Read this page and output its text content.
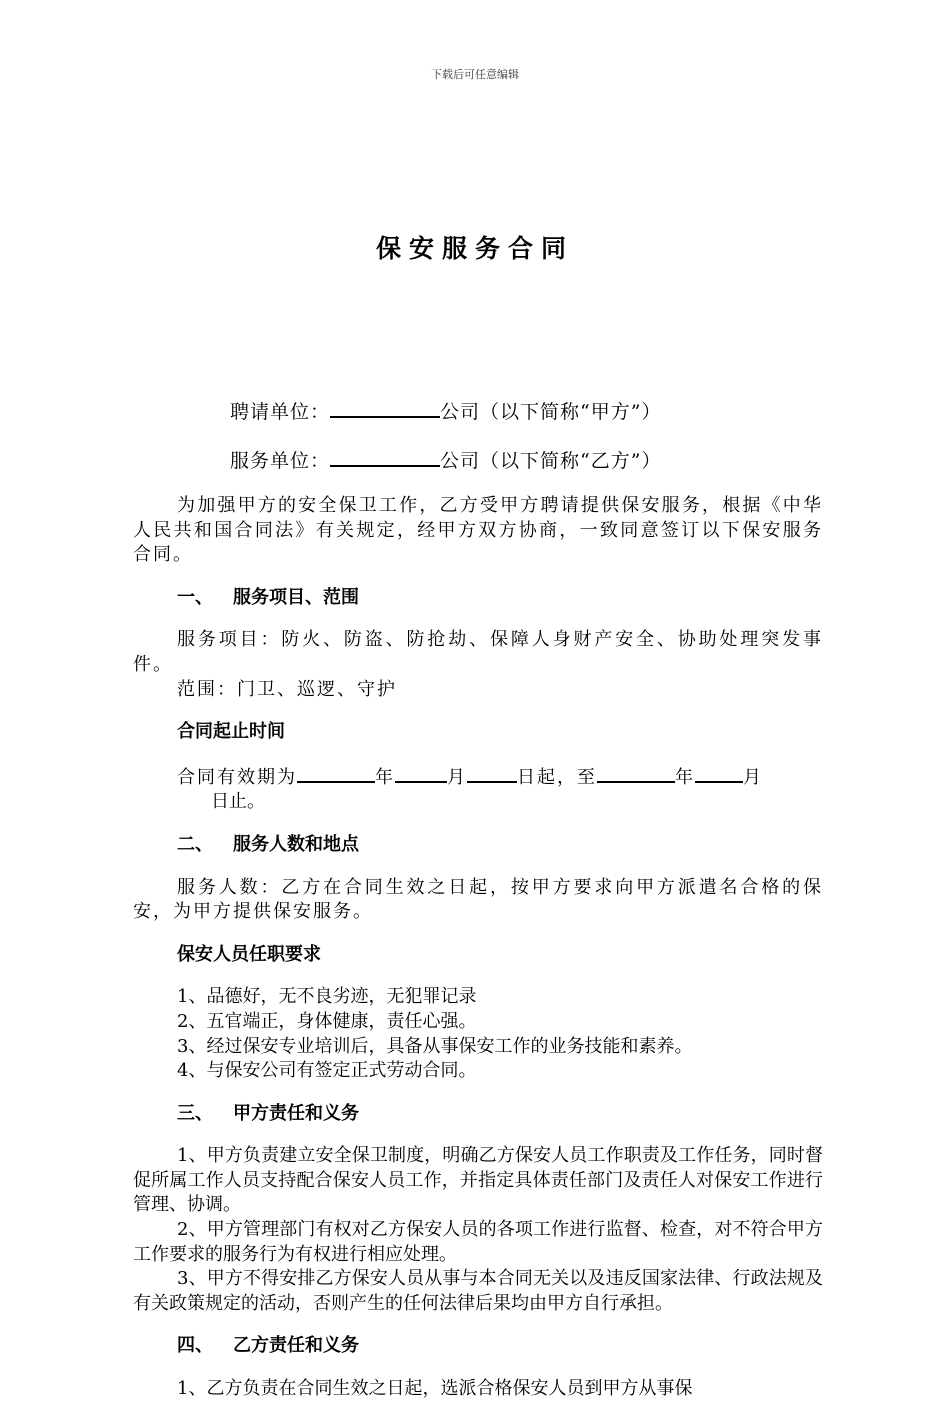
下载后可任意编辑
保安服务合同
聘请单位：	公司（以下简称“甲方”）
服务单位：	公司（以下简称“乙方”）

为加强甲方的安全保卫工作，乙方受甲方聘请提供保安服务，根据《中华人民共和国合同法》有关规定，经甲方双方协商，一致同意签订以下保安服务合同。

一、 服务项目、范围

服务项目：防火、防盗、防抢劫、保障人身财产安全、协助处理突发事件。

范围：门卫、巡逻、守护

合同起止时间

合同有效期为	年	月	日起，至	年	月

日止。

二、 服务人数和地点

服务人数：乙方在合同生效之日起，按甲方要求向甲方派遣名合格的保安，为甲方提供保安服务。

保安人员任职要求

1、品德好，无不良劣迹，无犯罪记录

2、五官端正，身体健康，责任心强。

3、经过保安专业培训后，具备从事保安工作的业务技能和素养。

4、与保安公司有签定正式劳动合同。

三、 甲方责任和义务

1、甲方负责建立安全保卫制度，明确乙方保安人员工作职责及工作任务，同时督促所属工作人员支持配合保安人员工作，并指定具体责任部门及责任人对保安工作进行管理、协调。

2、甲方管理部门有权对乙方保安人员的各项工作进行监督、检查，对不符合甲方工作要求的服务行为有权进行相应处理。

3、甲方不得安排乙方保安人员从事与本合同无关以及违反国家法律、行政法规及有关政策规定的活动，否则产生的任何法律后果均由甲方自行承担。

四、 乙方责任和义务

1、乙方负责在合同生效之日起，选派合格保安人员到甲方从事保
